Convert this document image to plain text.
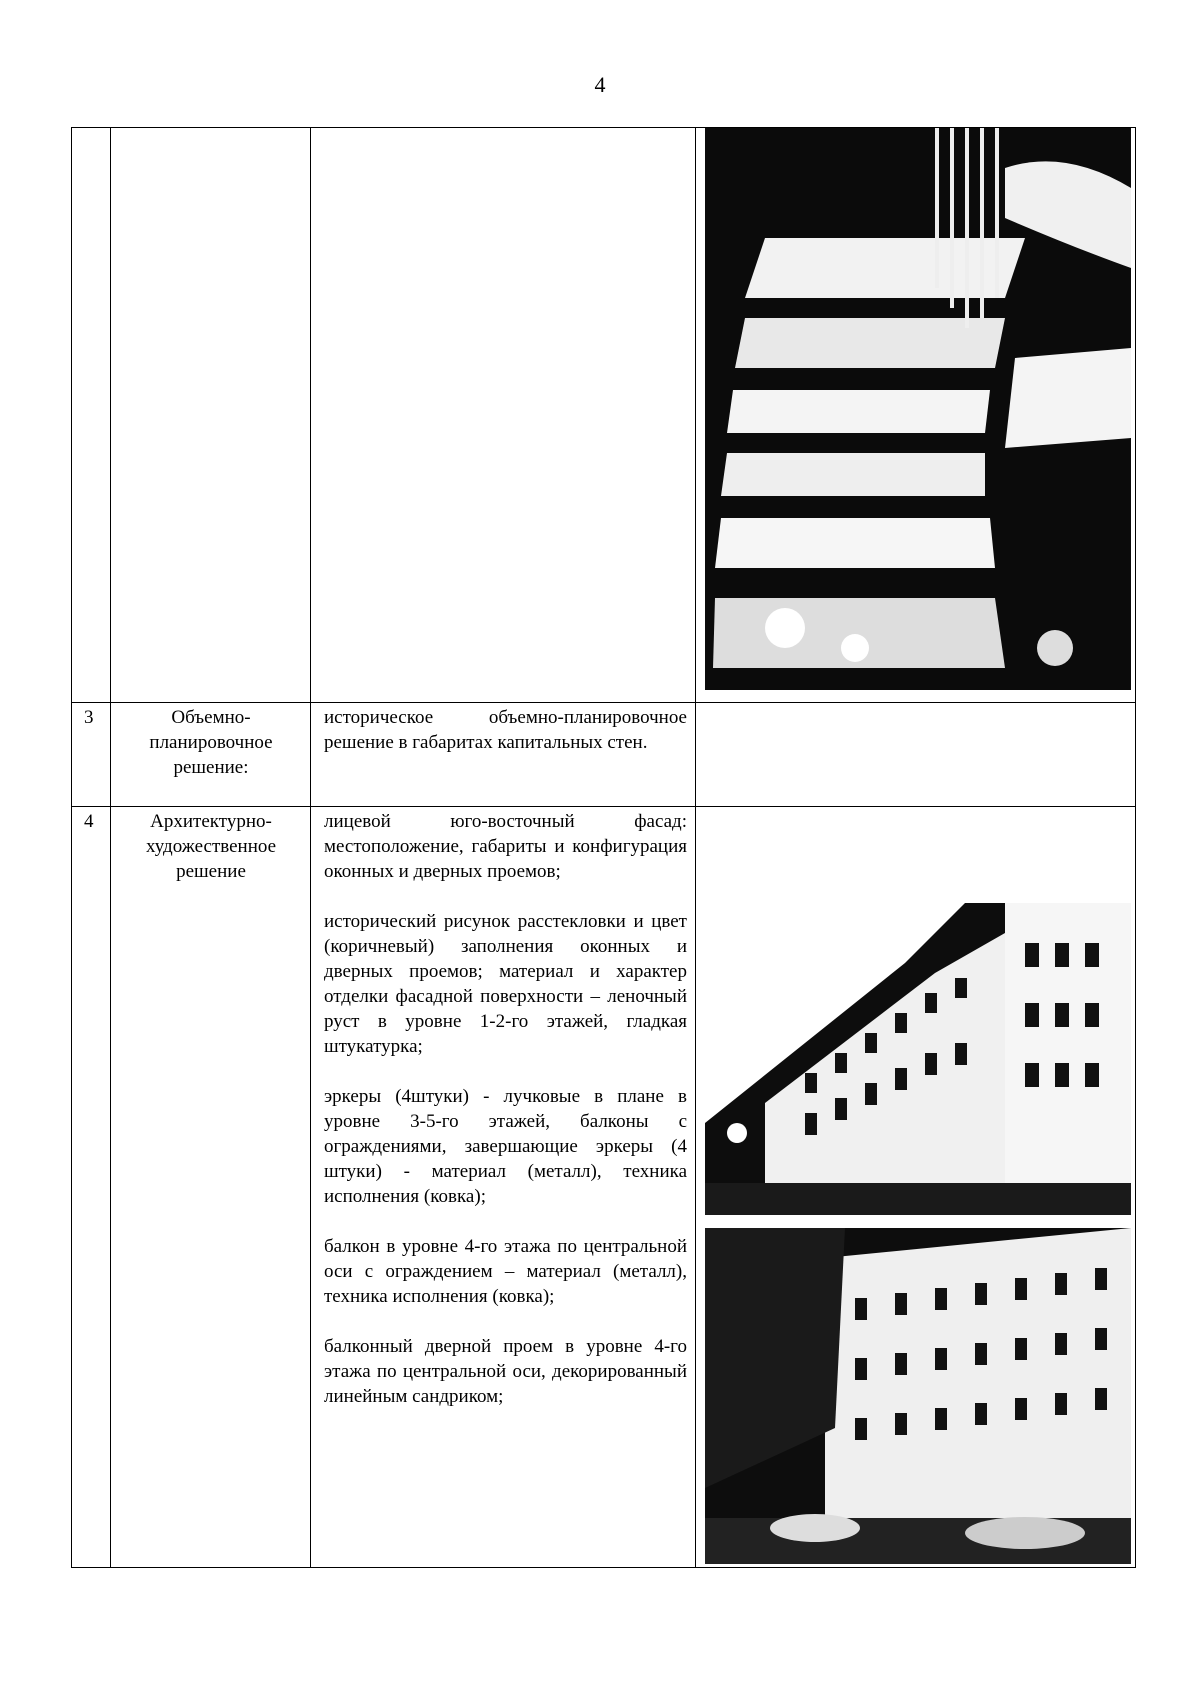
4
3	Объемно-
планировочное
решение:

историческое объемно-планировочное решение в габаритах капитальных стен.

4	Архитектурно-
художественное
решение

лицевой юго-восточный фасад: местоположение, габариты и конфигурация оконных и дверных проемов;

исторический рисунок расстекловки и цвет (коричневый) заполнения оконных и дверных проемов; материал и характер отделки фасадной поверхности – леночный руст в уровне 1-2-го этажей, гладкая штукатурка;

эркеры (4штуки) - лучковые в плане в уровне 3-5-го этажей, балконы с ограждениями, завершающие эркеры (4 штуки) - материал (металл), техника исполнения (ковка);

балкон в уровне 4-го этажа по центральной оси с ограждением – материал (металл), техника исполнения (ковка);

балконный дверной проем в уровне 4-го этажа по центральной оси, декорированный линейным сандриком;
